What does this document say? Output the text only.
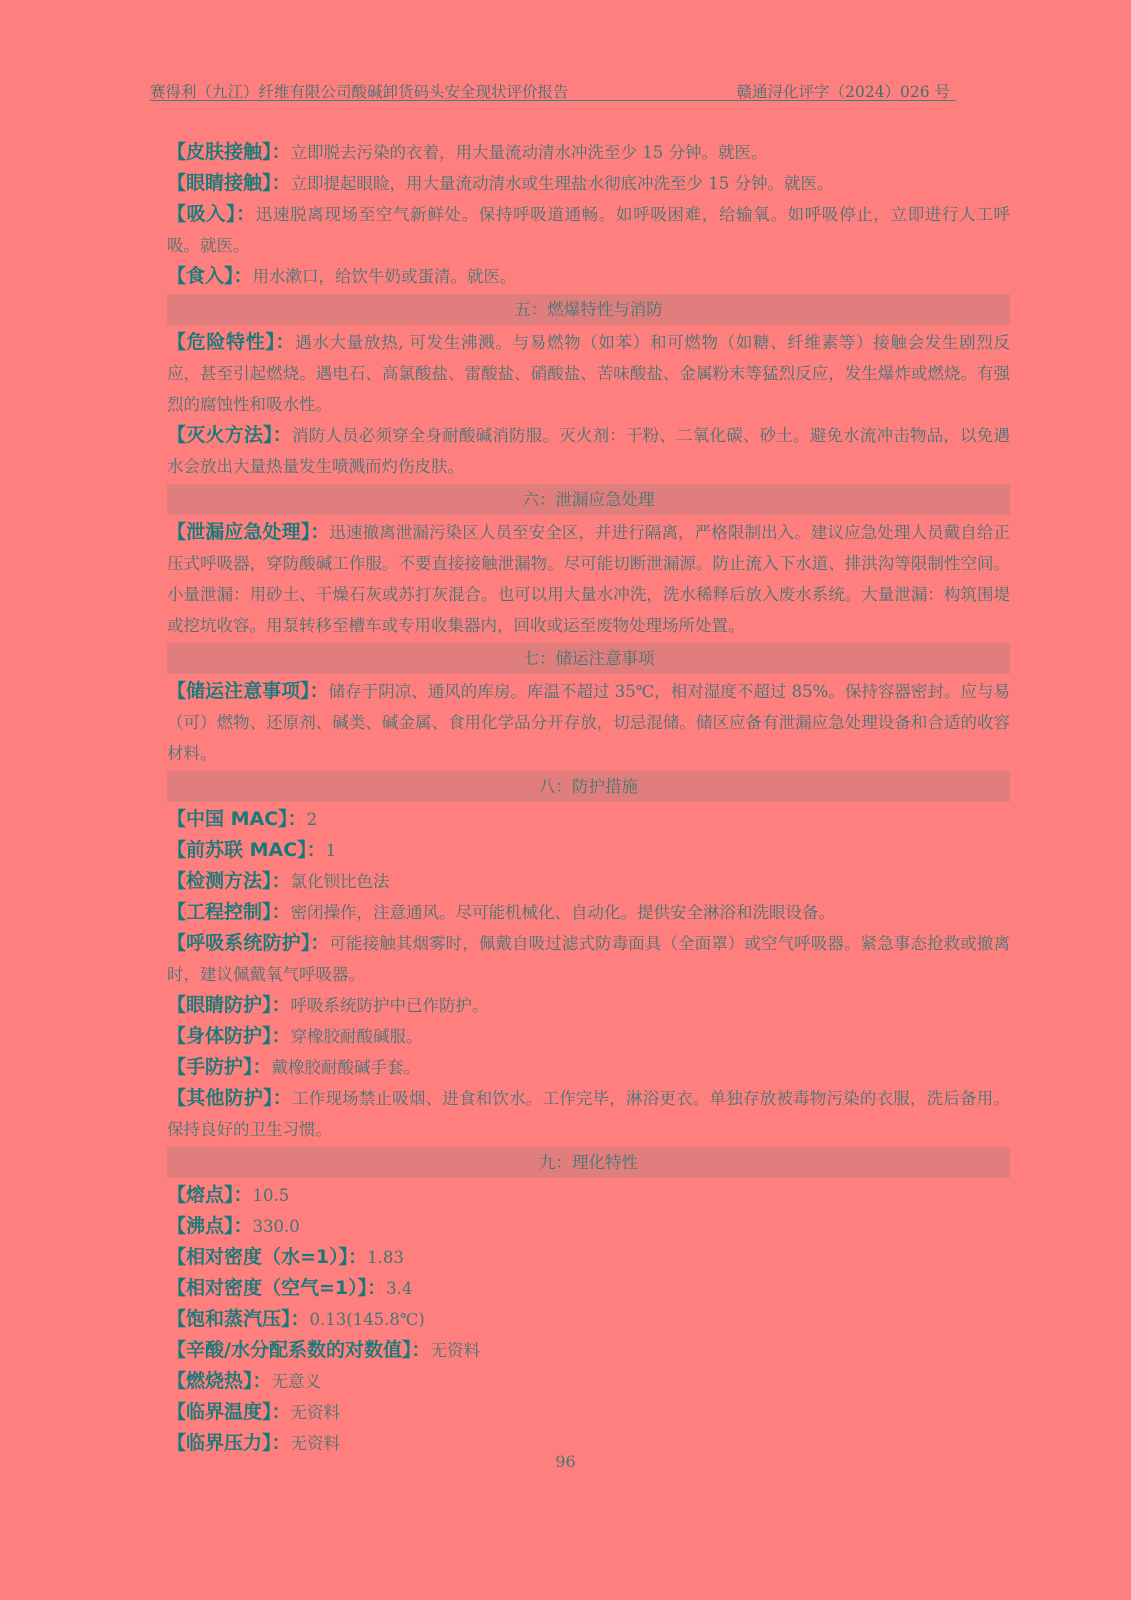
赛得利（九江）纤维有限公司酸碱卸货码头安全现状评价报告	赣通浔化评字（2024）026 号
【皮肤接触】：立即脱去污染的衣着，用大量流动清水冲洗至少 15 分钟。就医。
【眼睛接触】：立即提起眼睑，用大量流动清水或生理盐水彻底冲洗至少 15 分钟。就医。
【吸入】：迅速脱离现场至空气新鲜处。保持呼吸道通畅。如呼吸困难，给输氧。如呼吸停止，立即进行人工呼吸。就医。
【食入】：用水漱口，给饮牛奶或蛋清。就医。
五：燃爆特性与消防
【危险特性】：遇水大量放热, 可发生沸溅。与易燃物（如苯）和可燃物（如糖、纤维素等）接触会发生剧烈反应，甚至引起燃烧。遇电石、高氯酸盐、雷酸盐、硝酸盐、苦味酸盐、金属粉末等猛烈反应，发生爆炸或燃烧。有强烈的腐蚀性和吸水性。
【灭火方法】：消防人员必须穿全身耐酸碱消防服。灭火剂：干粉、二氧化碳、砂土。避免水流冲击物品，以免遇水会放出大量热量发生喷溅而灼伤皮肤。
六：泄漏应急处理
【泄漏应急处理】：迅速撤离泄漏污染区人员至安全区，并进行隔离，严格限制出入。建议应急处理人员戴自给正压式呼吸器，穿防酸碱工作服。不要直接接触泄漏物。尽可能切断泄漏源。防止流入下水道、排洪沟等限制性空间。小量泄漏：用砂土、干燥石灰或苏打灰混合。也可以用大量水冲洗，洗水稀释后放入废水系统。大量泄漏：构筑围堤或挖坑收容。用泵转移至槽车或专用收集器内，回收或运至废物处理场所处置。
七：储运注意事项
【储运注意事项】：储存于阴凉、通风的库房。库温不超过 35℃，相对湿度不超过 85%。保持容器密封。应与易（可）燃物、还原剂、碱类、碱金属、食用化学品分开存放，切忌混储。储区应备有泄漏应急处理设备和合适的收容材料。
八：防护措施
【中国 MAC】：2
【前苏联 MAC】：1
【检测方法】：氯化钡比色法
【工程控制】：密闭操作，注意通风。尽可能机械化、自动化。提供安全淋浴和洗眼设备。
【呼吸系统防护】：可能接触其烟雾时，佩戴自吸过滤式防毒面具（全面罩）或空气呼吸器。紧急事态抢救或撤离时，建议佩戴氧气呼吸器。
【眼睛防护】：呼吸系统防护中已作防护。
【身体防护】：穿橡胶耐酸碱服。
【手防护】：戴橡胶耐酸碱手套。
【其他防护】：工作现场禁止吸烟、进食和饮水。工作完毕，淋浴更衣。单独存放被毒物污染的衣服，洗后备用。保持良好的卫生习惯。
九：理化特性
【熔点】：10.5
【沸点】：330.0
【相对密度（水=1）】：1.83
【相对密度（空气=1）】：3.4
【饱和蒸汽压】：0.13(145.8℃)
【辛酸/水分配系数的对数值】：无资料
【燃烧热】：无意义
【临界温度】：无资料
【临界压力】：无资料
96
